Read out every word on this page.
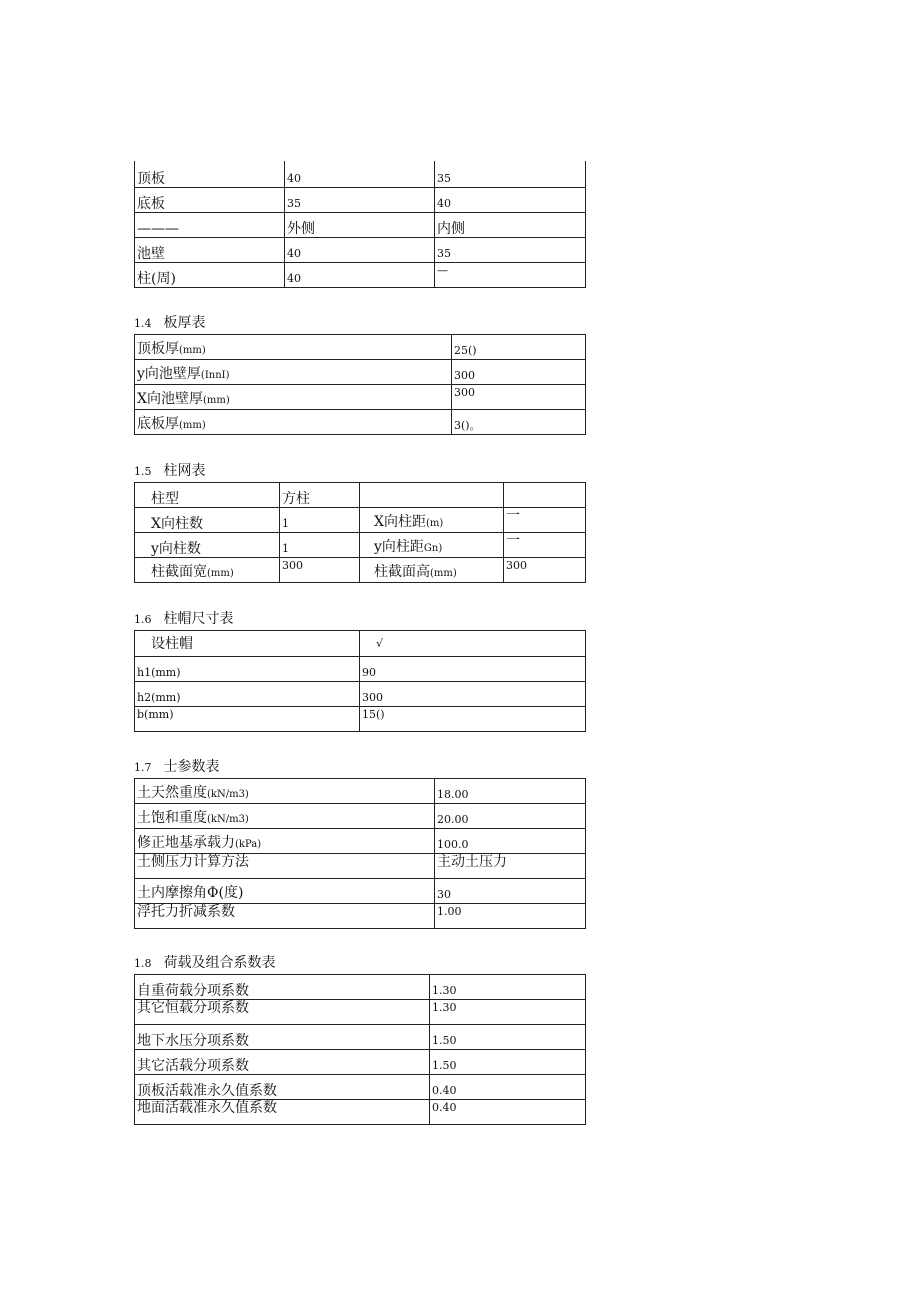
顶板	40	35
底板	35	40
———	外侧	内侧
池壁	40	35
柱(周)	40	—
1.4 板厚表
顶板厚(mm)	25()
y向池壁厚(InnI)	300
X向池壁厚(mm)	300
底板厚(mm)	3()。
1.5 柱网表
柱型	方柱		
X向柱数	1	X向柱距(m)	一
y向柱数	1	y向柱距Gn)	一
柱截面宽(mm)	300	柱截面高(mm)	300
1.6 柱帽尺寸表
设柱帽	√
h1(mm)	90
h2(mm)	300
b(mm)	15()
1.7 士参数表
土天然重度(kN/m3)	18.00
土饱和重度(kN/m3)	20.00
修正地基承载力(kPa)	100.0
土侧压力计算方法	主动土压力
土内摩擦角Φ(度)	30
浮托力折减系数	1.00
1.8 荷载及组合系数表
自重荷载分项系数	1.30
其它恒载分项系数	1.30
地下水压分项系数	1.50
其它活载分项系数	1.50
顶板活载准永久值系数	0.40
地面活载准永久值系数	0.40
